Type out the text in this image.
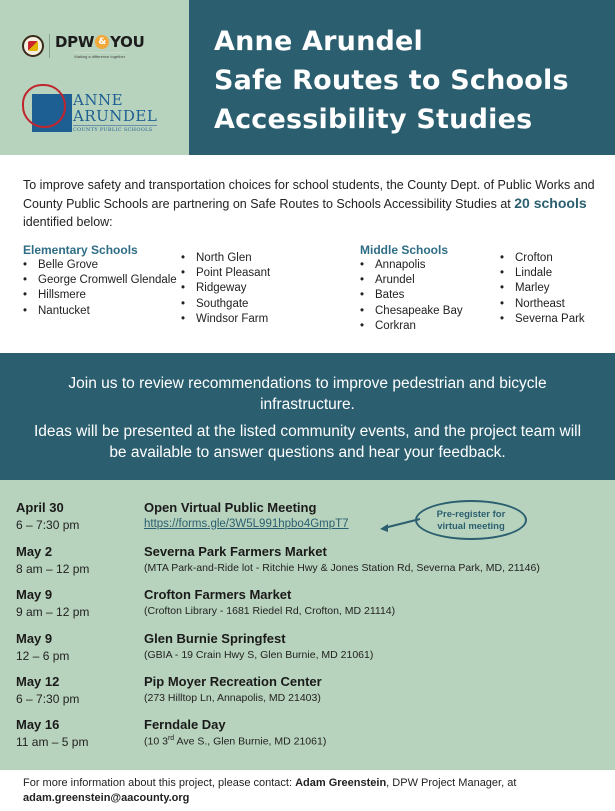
DPW & YOU
Making a difference together
ANNE
ARUNDEL
COUNTY PUBLIC SCHOOLS
Anne Arundel
Safe Routes to Schools
Accessibility Studies

To improve safety and transportation choices for school students, the County Dept. of Public Works and County Public Schools are partnering on Safe Routes to Schools Accessibility Studies at 20 schools identified below:

Elementary Schools
• Belle Grove
• George Cromwell Glendale
• Hillsmere
• Nantucket
• North Glen
• Point Pleasant
• Ridgeway
• Southgate
• Windsor Farm
Middle Schools
• Annapolis
• Arundel
• Bates
• Chesapeake Bay
• Corkran
• Crofton
• Lindale
• Marley
• Northeast
• Severna Park

Join us to review recommendations to improve pedestrian and bicycle infrastructure.

Ideas will be presented at the listed community events, and the project team will be available to answer questions and hear your feedback.

April 30
6 – 7:30 pm
Open Virtual Public Meeting
https://forms.gle/3W5L991hpbo4GmpT7
May 2
8 am – 12 pm
Severna Park Farmers Market
(MTA Park-and-Ride lot - Ritchie Hwy & Jones Station Rd, Severna Park, MD, 21146)
May 9
9 am – 12 pm
Crofton Farmers Market
(Crofton Library - 1681 Riedel Rd, Crofton, MD 21114)
May 9
12 – 6 pm
Glen Burnie Springfest
(GBIA - 19 Crain Hwy S, Glen Burnie, MD 21061)
May 12
6 – 7:30 pm
Pip Moyer Recreation Center
(273 Hilltop Ln, Annapolis, MD 21403)
May 16
11 am – 5 pm
Ferndale Day
(10 3rd Ave S., Glen Burnie, MD 21061)
Pre-register for
virtual meeting
For more information about this project, please contact: Adam Greenstein, DPW Project Manager, at
adam.greenstein@aacounty.org
